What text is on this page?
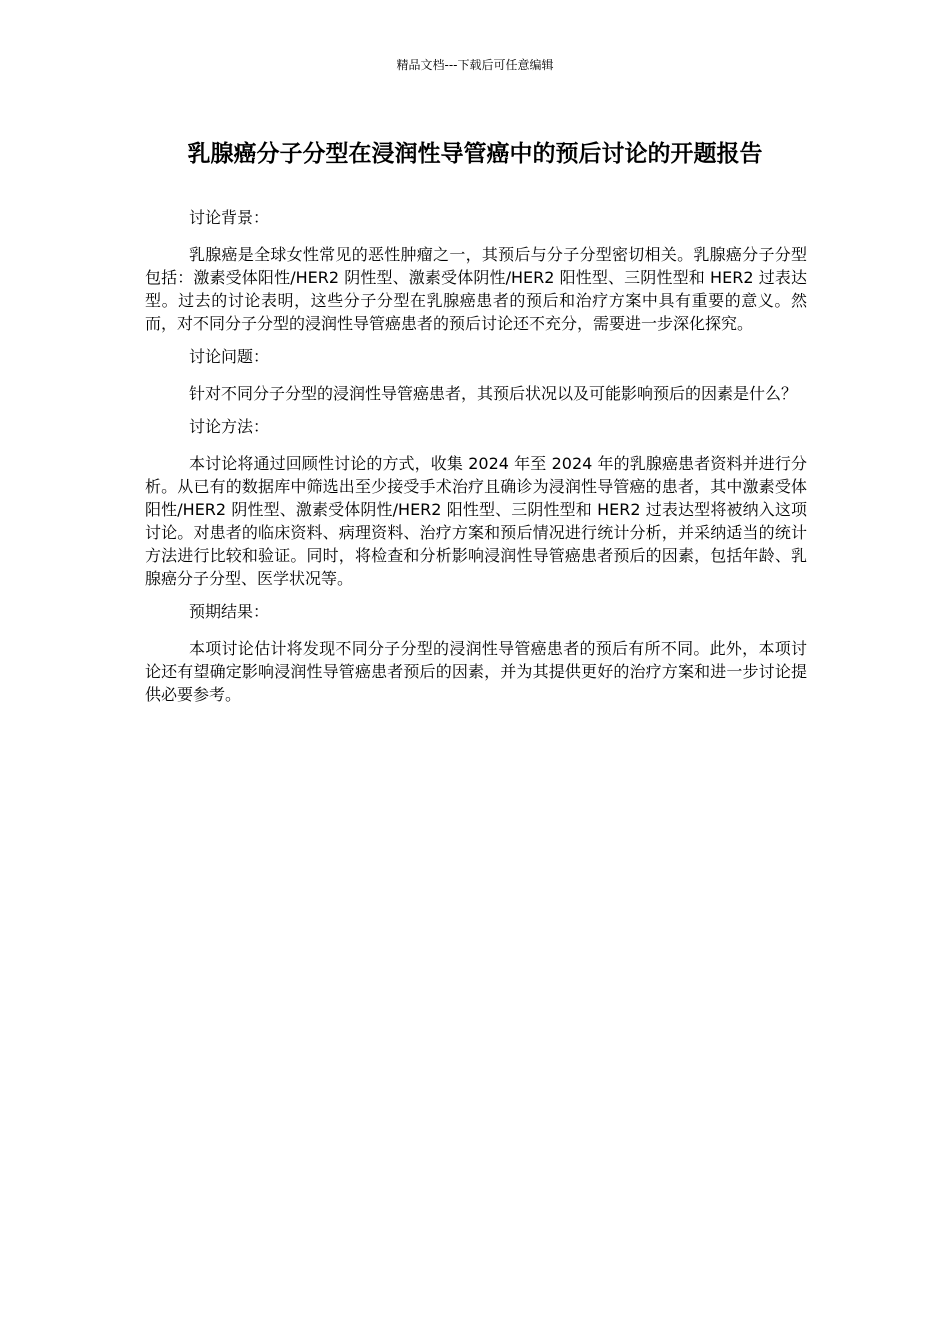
精品文档---下载后可任意编辑
乳腺癌分子分型在浸润性导管癌中的预后讨论的开题报告

讨论背景：

乳腺癌是全球女性常见的恶性肿瘤之一，其预后与分子分型密切相关。乳腺癌分子分型包括：激素受体阳性/HER2 阴性型、激素受体阴性/HER2 阳性型、三阴性型和 HER2 过表达型。过去的讨论表明，这些分子分型在乳腺癌患者的预后和治疗方案中具有重要的意义。然而，对不同分子分型的浸润性导管癌患者的预后讨论还不充分，需要进一步深化探究。

讨论问题：

针对不同分子分型的浸润性导管癌患者，其预后状况以及可能影响预后的因素是什么？

讨论方法：

本讨论将通过回顾性讨论的方式，收集 2024 年至 2024 年的乳腺癌患者资料并进行分析。从已有的数据库中筛选出至少接受手术治疗且确诊为浸润性导管癌的患者，其中激素受体阳性/HER2 阴性型、激素受体阴性/HER2 阳性型、三阴性型和 HER2 过表达型将被纳入这项讨论。对患者的临床资料、病理资料、治疗方案和预后情况进行统计分析，并采纳适当的统计方法进行比较和验证。同时，将检查和分析影响浸润性导管癌患者预后的因素，包括年龄、乳腺癌分子分型、医学状况等。

预期结果：

本项讨论估计将发现不同分子分型的浸润性导管癌患者的预后有所不同。此外，本项讨论还有望确定影响浸润性导管癌患者预后的因素，并为其提供更好的治疗方案和进一步讨论提供必要参考。
